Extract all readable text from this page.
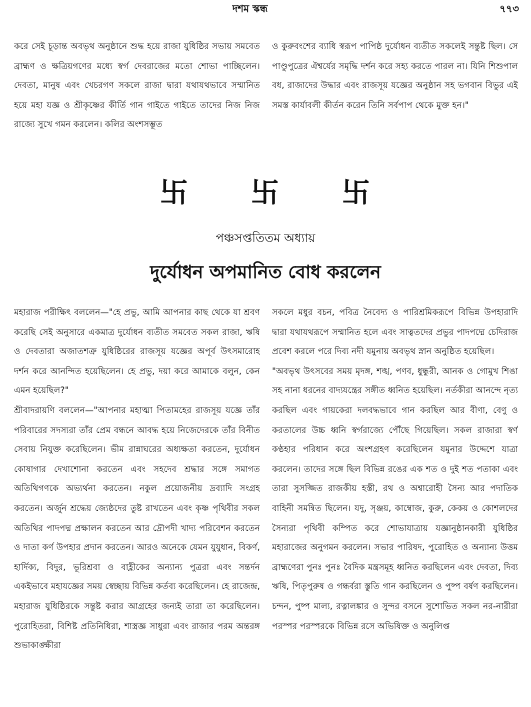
দশম স্কন্ধ	৭৭৩

করে সেই চূড়ান্ত অবভৃথ অনুষ্ঠানে শুদ্ধ হয়ে রাজা যুধিষ্ঠির সভায় সমবেত ব্রাহ্মণ ও ক্ষত্রিয়গণের মধ্যে স্বর্গ দেবরাজের মতো শোভা পাচ্ছিলেন। দেবতা, মানুষ এবং খেচরগণ সকলে রাজা দ্বারা যথাযথভাবে সম্মানিত হয়ে মহা যজ্ঞ ও শ্রীকৃষ্ণের কীর্তি গান গাইতে গাইতে তাদের নিজ নিজ রাজ্যে সুখে গমন করলেন। কলির অংশসম্ভূত

ও কুরুবংশের ব্যাধি স্বরূপ পাপিষ্ঠ দুর্যোধন ব্যতীত সকলেই সন্তুষ্ট ছিল। সে পাণ্ডুপুত্রের ঐশ্বর্যের সমৃদ্ধি দর্শন করে সহ্য করতে পারল না। যিনি শিশুপাল বধ, রাজাদের উদ্ধার এবং রাজসূয় যজ্ঞের অনুষ্ঠান সহ ভগবান বিভুর এই সমস্ত কার্যাবলী কীর্তন করেন তিনি সর্বপাপ থেকে মুক্ত হন।"

卐 卐 卐
পঞ্চসপ্ততিতম অধ্যায়
দুর্যোধন অপমানিত বোধ করলেন

মহারাজ পরীক্ষিৎ বললেন—"হে প্রভু, আমি আপনার কাছ থেকে যা শ্রবণ করেছি সেই অনুসারে একমাত্র দুর্যোধন ব্যতীত সমবেত সকল রাজা, ঋষি ও দেবতারা অজাতশত্রু যুধিষ্ঠিরের রাজসূয় যজ্ঞের অপূর্ব উৎসমারোহ দর্শন করে আনন্দিত হয়েছিলেন। হে প্রভু, দয়া করে আমাকে বলুন, কেন এমন হয়েছিল?"

শ্রীবাদরায়ণি বললেন—"আপনার মহাত্মা পিতামহের রাজসূয় যজ্ঞে তাঁর পরিবারের সদস্যরা তাঁর প্রেম বন্ধনে আবদ্ধ হয়ে নিজেদেরকে তাঁর বিনীত সেবায় নিযুক্ত করেছিলেন। ভীম রান্নাঘরের অধ্যক্ষতা করতেন, দুর্যোধন কোষাগার দেখাশোনা করতেন এবং সহদেব শ্রদ্ধার সঙ্গে সমাগত অতিথিগণকে অভ্যর্থনা করতেন। নকুল প্রয়োজনীয় দ্রব্যাদি সংগ্রহ করতেন। অর্জুন শ্রদ্ধেয় জ্যেষ্ঠদের তুষ্ট রাখতেন এবং কৃষ্ণ পৃথিবীর সকল অতিথির পাদপদ্ম প্রক্ষালন করতেন আর দ্রৌপদী খাদ্য পরিবেশন করতেন ও দাতা কর্ণ উপহার প্রদান করতেন। আরও অনেকে যেমন যুযুধান, বিকর্ণ, হার্দিক্য, বিদুর, ভূরিশ্রবা ও বাহ্লীকের অন্যান্য পুত্ররা এবং সন্তর্দন একইভাবে মহাযজ্ঞের সময় স্বেচ্ছায় বিভিন্ন কর্তব্য করেছিলেন। হে রাজেন্দ্র, মহারাজ যুধিষ্ঠিরকে সন্তুষ্ট করার আগ্রহের জন্যই তারা তা করেছিলেন। পুরোহিতরা, বিশিষ্ট প্রতিনিধিরা, শাস্ত্রজ্ঞ সাধুরা এবং রাজার পরম অন্তরঙ্গ শুভাকাঙ্ক্ষীরা

সকলে মধুর বচন, পবিত্র নৈবেদ্য ও পারিশ্রমিকরূপে বিভিন্ন উপহারাদি দ্বারা যথাযথরূপে সম্মানিত হলে এবং সাত্বতদের প্রভুর পাদপদ্মে চেদিরাজ প্রবেশ করলে পরে দিব্য নদী যমুনায় অবভৃথ স্নান অনুষ্ঠিত হয়েছিল।

"অবভৃথ উৎসবের সময় মৃদঙ্গ, শঙ্খ, পণব, ধুন্ধুরী, আনক ও গোমুখ শিঙা সহ নানা ধরনের বাদ্যযন্ত্রের সঙ্গীত ধ্বনিত হয়েছিল। নর্তকীরা আনন্দে নৃত্য করছিল এবং গায়কেরা দলবদ্ধভাবে গান করছিল আর বীণা, বেণু ও করতালের উচ্চ ধ্বনি স্বর্গরাজ্যে পৌঁছে গিয়েছিল। সকল রাজারা স্বর্ণ কণ্ঠহার পরিধান করে অংশগ্রহণ করেছিলেন যমুনার উদ্দেশে যাত্রা করলেন। তাদের সঙ্গে ছিল বিভিন্ন রঙের এক শত ও দুই শত পতাকা এবং তারা সুসজ্জিত রাজকীয় হস্তী, রথ ও অশ্বারোহী সৈন্য আর পদাতিক বাহিনী সমন্বিত ছিলেন। যদু, সৃঞ্জয়, কাম্বোজ, কুরু, কেকয় ও কোশলদের সৈন্যরা পৃথিবী কম্পিত করে শোভাযাত্রায় যজ্ঞানুষ্ঠানকারী যুধিষ্ঠির মহারাজের অনুগমন করলেন। সভার পারিষদ, পুরোহিত ও অন্যান্য উত্তম ব্রাহ্মণেরা পুনঃ পুনঃ বৈদিক মন্ত্রসমূহ ধ্বনিত করছিলেন এবং দেবতা, দিব্য ঋষি, পিতৃপুরুষ ও গন্ধর্বরা স্তুতি গান করছিলেন ও পুষ্প বর্ষণ করছিলেন। চন্দন, পুষ্প মাল্য, রত্নালঙ্কার ও সুন্দর বসনে সুশোভিত সকল নর-নারীরা পরস্পর পরস্পরকে বিভিন্ন রসে অভিষিক্ত ও অনুলিপ্ত
